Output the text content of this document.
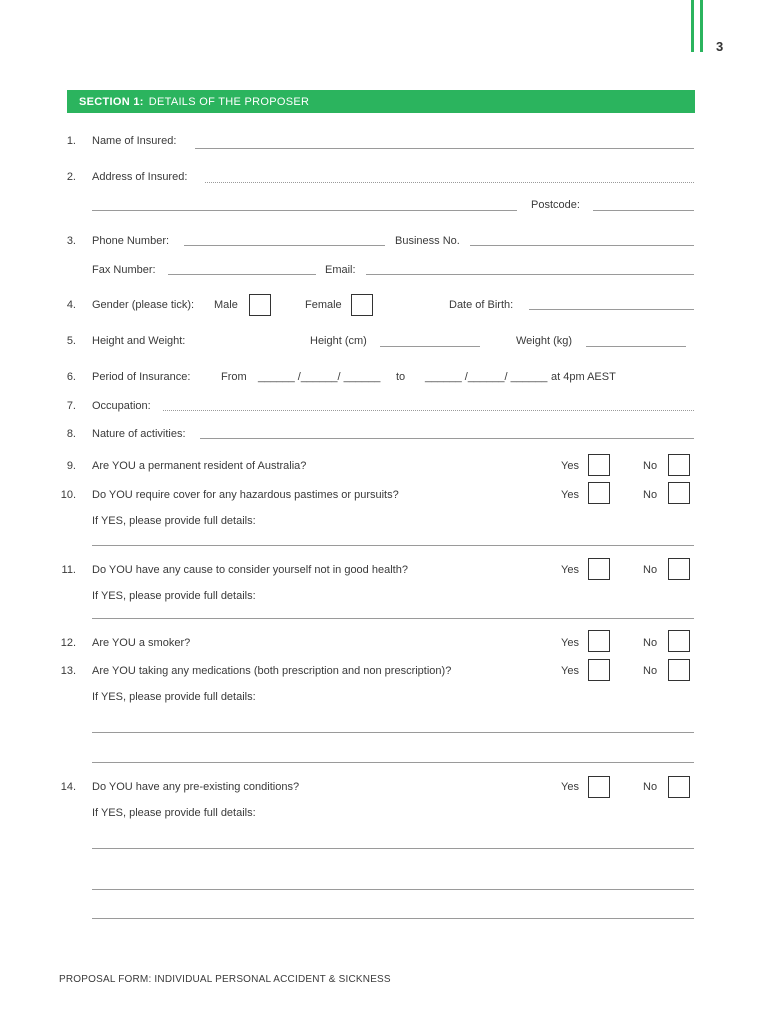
3
SECTION 1: DETAILS OF THE PROPOSER
1. Name of Insured:
2. Address of Insured:
Postcode:
3. Phone Number:	Business No.
Fax Number:	Email:
4. Gender (please tick): Male	Female	Date of Birth:
5. Height and Weight:	Height (cm)	Weight (kg)
6. Period of Insurance:	From ______ /______/ ______ to ______ /______/ ______ at 4pm AEST
7. Occupation:
8. Nature of activities:
9. Are YOU a permanent resident of Australia?	Yes	No
10. Do YOU require cover for any hazardous pastimes or pursuits?	Yes	No
If YES, please provide full details:
11. Do YOU have any cause to consider yourself not in good health?	Yes	No
If YES, please provide full details:
12. Are YOU a smoker?	Yes	No
13. Are YOU taking any medications (both prescription and non prescription)?	Yes	No
If YES, please provide full details:
14. Do YOU have any pre-existing conditions?	Yes	No
If YES, please provide full details:
PROPOSAL FORM: INDIVIDUAL PERSONAL ACCIDENT & SICKNESS
